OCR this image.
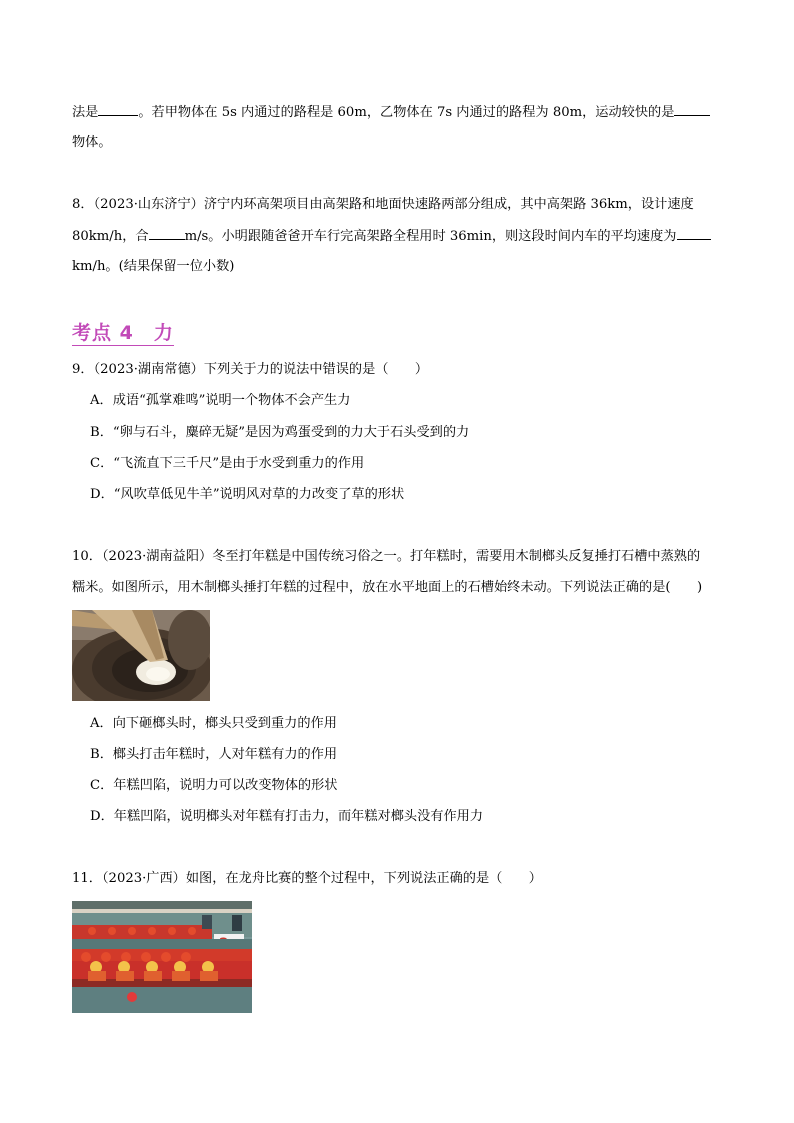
法是	。若甲物体在 5s 内通过的路程是 60m，乙物体在 7s 内通过的路程为 80m，运动较快的是
物体。
8．（2023·山东济宁）济宁内环高架项目由高架路和地面快速路两部分组成，其中高架路 36km，设计速度
80km/h，合	m/s。小明跟随爸爸开车行完高架路全程用时 36min，则这段时间内车的平均速度为
km/h。(结果保留一位小数)
考点 4　力
9．（2023·湖南常德）下列关于力的说法中错误的是（　　）
A．成语“孤掌难鸣”说明一个物体不会产生力
B．“卵与石斗，麋碎无疑”是因为鸡蛋受到的力大于石头受到的力
C．“飞流直下三千尺”是由于水受到重力的作用
D．“风吹草低见牛羊”说明风对草的力改变了草的形状
10．（2023·湖南益阳）冬至打年糕是中国传统习俗之一。打年糕时，需要用木制榔头反复捶打石槽中蒸熟的
糯米。如图所示，用木制榔头捶打年糕的过程中，放在水平地面上的石槽始终未动。下列说法正确的是(　　)
A．向下砸榔头时，榔头只受到重力的作用
B．榔头打击年糕时，人对年糕有力的作用
C．年糕凹陷，说明力可以改变物体的形状
D．年糕凹陷，说明榔头对年糕有打击力，而年糕对榔头没有作用力
11．（2023·广西）如图，在龙舟比赛的整个过程中，下列说法正确的是（　　）
